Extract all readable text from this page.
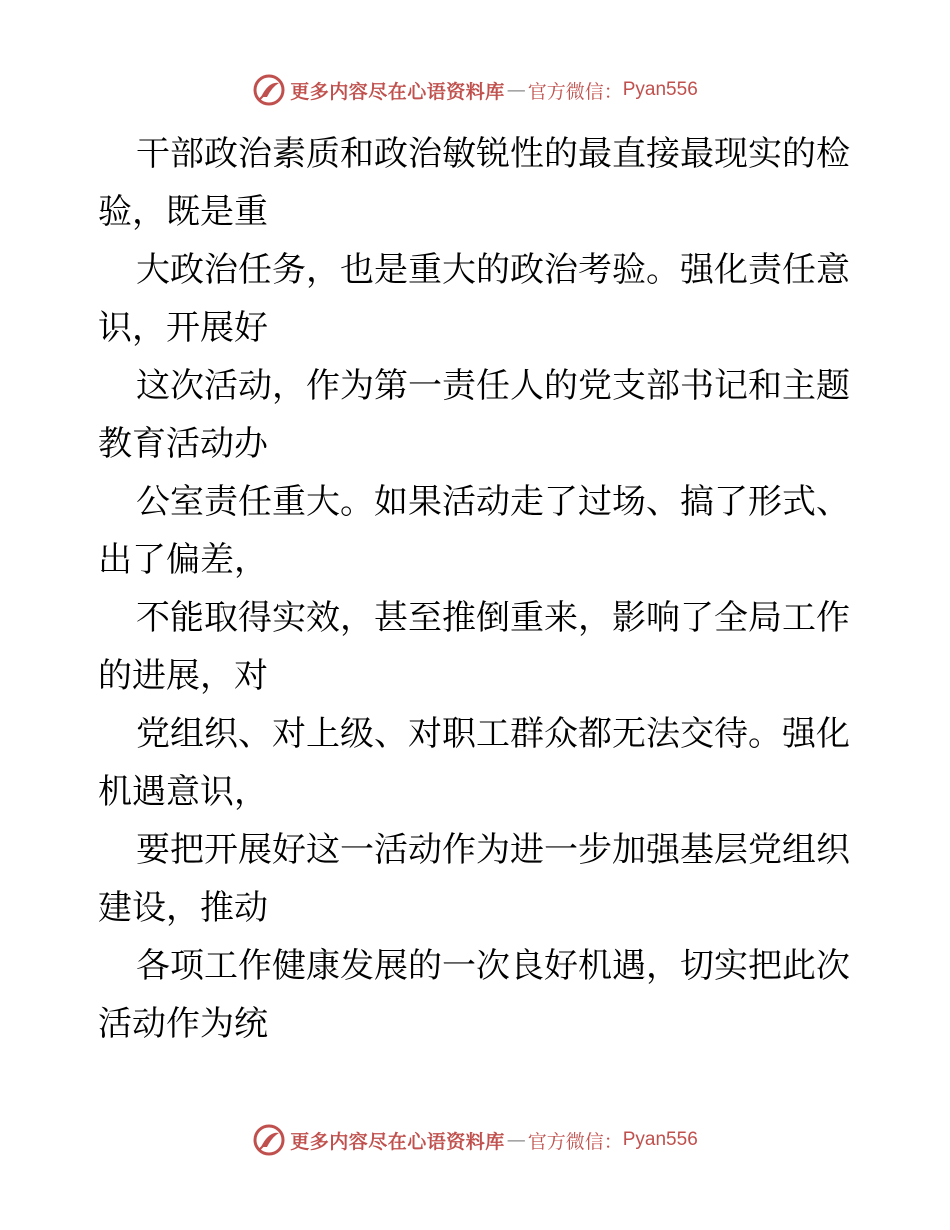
更多内容尽在心语资料库 — 官方微信： Pyan556
干部政治素质和政治敏锐性的最直接最现实的检
验，既是重
大政治任务，也是重大的政治考验。强化责任意
识，开展好
这次活动，作为第一责任人的党支部书记和主题
教育活动办
公室责任重大。如果活动走了过场、搞了形式、
出了偏差，
不能取得实效，甚至推倒重来，影响了全局工作
的进展，对
党组织、对上级、对职工群众都无法交待。强化
机遇意识，
要把开展好这一活动作为进一步加强基层党组织
建设，推动
各项工作健康发展的一次良好机遇，切实把此次
活动作为统
更多内容尽在心语资料库 — 官方微信： Pyan556
